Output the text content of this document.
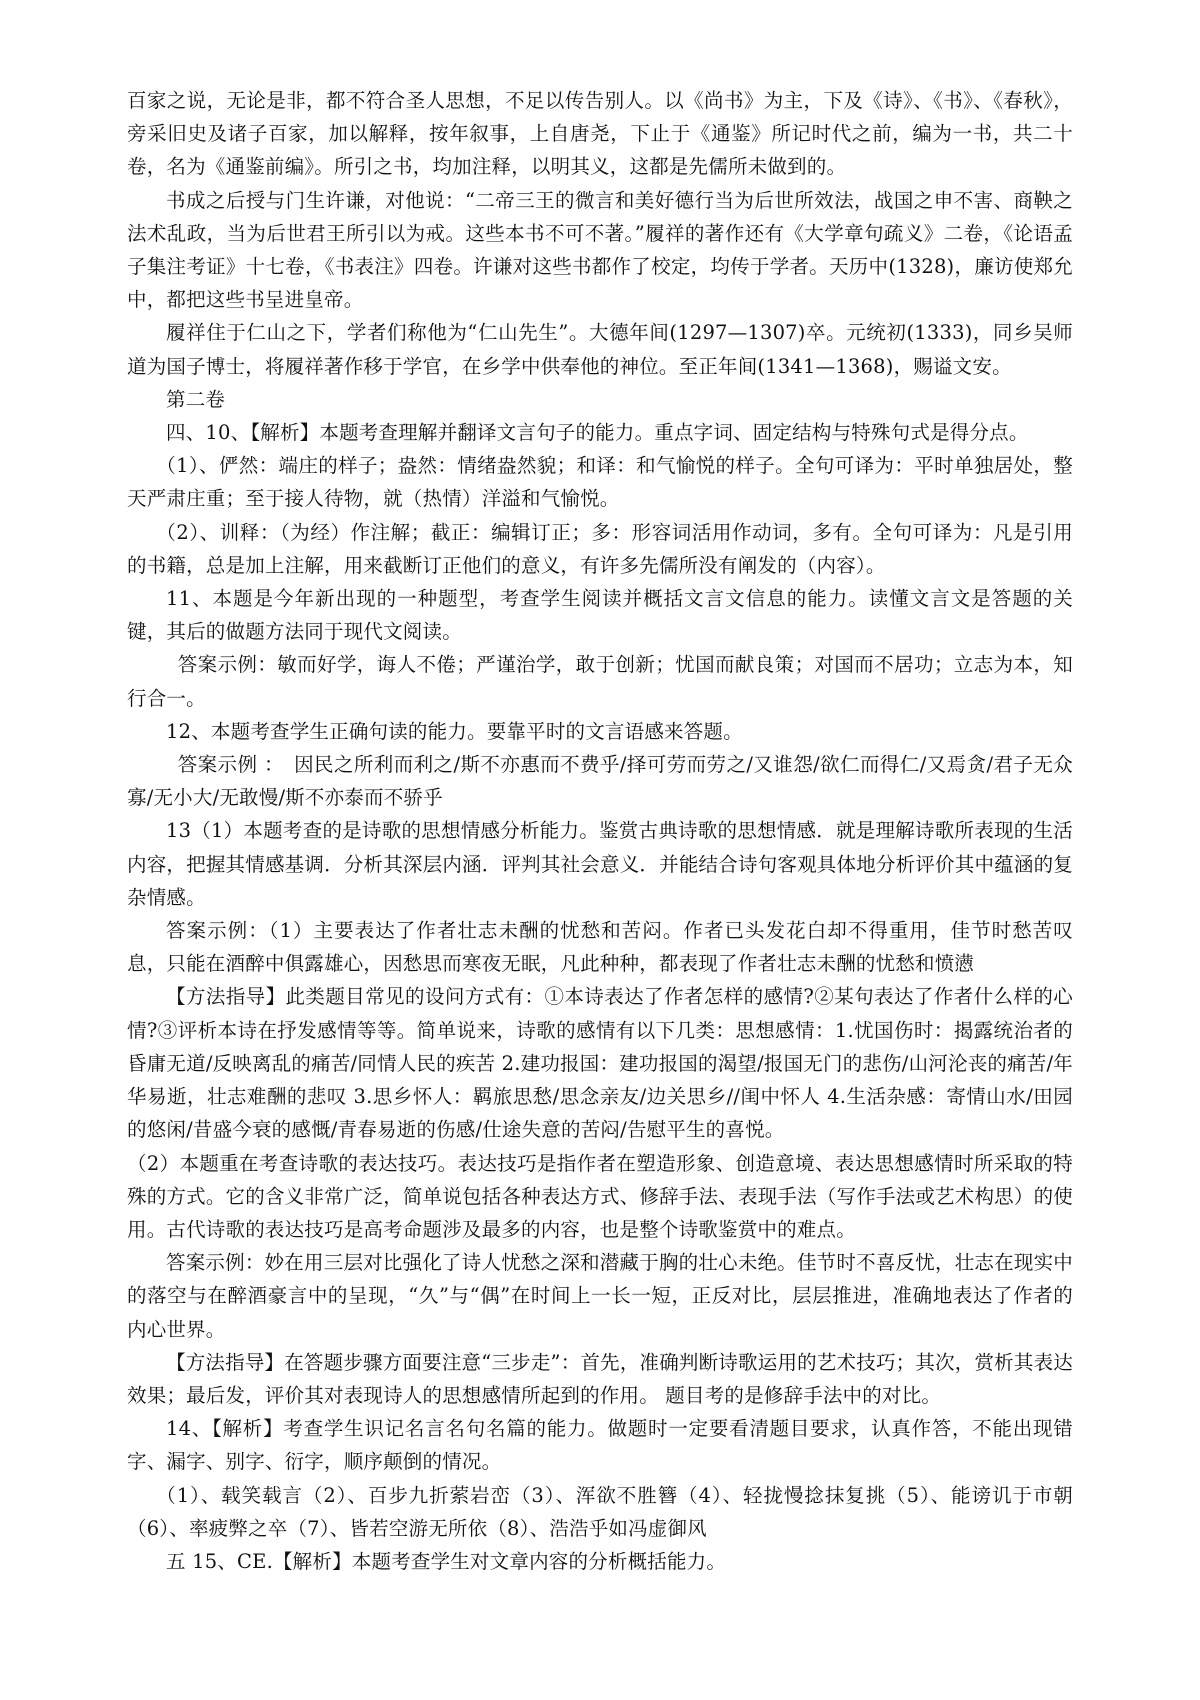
百家之说，无论是非，都不符合圣人思想，不足以传告别人。以《尚书》为主，下及《诗》、《书》、《春秋》，旁采旧史及诸子百家，加以解释，按年叙事，上自唐尧，下止于《通鉴》所记时代之前，编为一书，共二十卷，名为《通鉴前编》。所引之书，均加注释，以明其义，这都是先儒所未做到的。

书成之后授与门生许谦，对他说：“二帝三王的微言和美好德行当为后世所效法，战国之申不害、商鞅之法术乱政，当为后世君王所引以为戒。这些本书不可不著。”履祥的著作还有《大学章句疏义》二卷，《论语孟子集注考证》十七卷，《书表注》四卷。许谦对这些书都作了校定，均传于学者。天历中(1328)，廉访使郑允中，都把这些书呈进皇帝。

履祥住于仁山之下，学者们称他为“仁山先生”。大德年间(1297—1307)卒。元统初(1333)，同乡吴师道为国子博士，将履祥著作移于学官，在乡学中供奉他的神位。至正年间(1341—1368)，赐谥文安。

第二卷

四、10、【解析】本题考查理解并翻译文言句子的能力。重点字词、固定结构与特殊句式是得分点。

（1）、俨然：端庄的样子；盎然：情绪盎然貌；和译：和气愉悦的样子。全句可译为：平时单独居处，整天严肃庄重；至于接人待物，就（热情）洋溢和气愉悦。

（2）、训释：（为经）作注解；截正：编辑订正；多：形容词活用作动词，多有。全句可译为：凡是引用的书籍，总是加上注解，用来截断订正他们的意义，有许多先儒所没有阐发的（内容）。

11、本题是今年新出现的一种题型，考查学生阅读并概括文言文信息的能力。读懂文言文是答题的关键，其后的做题方法同于现代文阅读。

答案示例：敏而好学，诲人不倦；严谨治学，敢于创新；忧国而献良策；对国而不居功；立志为本，知行合一。

12、本题考查学生正确句读的能力。要靠平时的文言语感来答题。

答案示例 ：　因民之所利而利之/斯不亦惠而不费乎/择可劳而劳之/又谁怨/欲仁而得仁/又焉贪/君子无众寡/无小大/无敢慢/斯不亦泰而不骄乎

13（1）本题考查的是诗歌的思想情感分析能力。鉴赏古典诗歌的思想情感．就是理解诗歌所表现的生活内容，把握其情感基调．分析其深层内涵．评判其社会意义．并能结合诗句客观具体地分析评价其中蕴涵的复杂情感。

答案示例：（1）主要表达了作者壮志未酬的忧愁和苦闷。作者已头发花白却不得重用，佳节时愁苦叹息，只能在酒醉中俱露雄心，因愁思而寒夜无眠，凡此种种，都表现了作者壮志未酬的忧愁和愤懑

【方法指导】此类题目常见的设问方式有：①本诗表达了作者怎样的感情?②某句表达了作者什么样的心情?③评析本诗在抒发感情等等。简单说来，诗歌的感情有以下几类：思想感情：1.忧国伤时：揭露统治者的昏庸无道/反映离乱的痛苦/同情人民的疾苦 2.建功报国：建功报国的渴望/报国无门的悲伤/山河沦丧的痛苦/年华易逝，壮志难酬的悲叹 3.思乡怀人：羁旅思愁/思念亲友/边关思乡//闺中怀人 4.生活杂感：寄情山水/田园的悠闲/昔盛今衰的感慨/青春易逝的伤感/仕途失意的苦闷/告慰平生的喜悦。

（2）本题重在考查诗歌的表达技巧。表达技巧是指作者在塑造形象、创造意境、表达思想感情时所采取的特殊的方式。它的含义非常广泛，简单说包括各种表达方式、修辞手法、表现手法（写作手法或艺术构思）的使用。古代诗歌的表达技巧是高考命题涉及最多的内容，也是整个诗歌鉴赏中的难点。

答案示例：妙在用三层对比强化了诗人忧愁之深和潜藏于胸的壮心未绝。佳节时不喜反忧，壮志在现实中的落空与在醉酒豪言中的呈现，“久”与“偶”在时间上一长一短，正反对比，层层推进，准确地表达了作者的内心世界。

【方法指导】在答题步骤方面要注意“三步走”：首先，准确判断诗歌运用的艺术技巧；其次，赏析其表达效果；最后发，评价其对表现诗人的思想感情所起到的作用。 题目考的是修辞手法中的对比。

14、【解析】考查学生识记名言名句名篇的能力。做题时一定要看清题目要求，认真作答，不能出现错字、漏字、别字、衍字，顺序颠倒的情况。

（1）、载笑载言（2）、百步九折萦岩峦（3）、浑欲不胜簪（4）、轻拢慢捻抹复挑（5）、能谤讥于市朝（6）、率疲弊之卒（7）、皆若空游无所依（8）、浩浩乎如冯虚御风

五 15、CE.【解析】本题考查学生对文章内容的分析概括能力。
